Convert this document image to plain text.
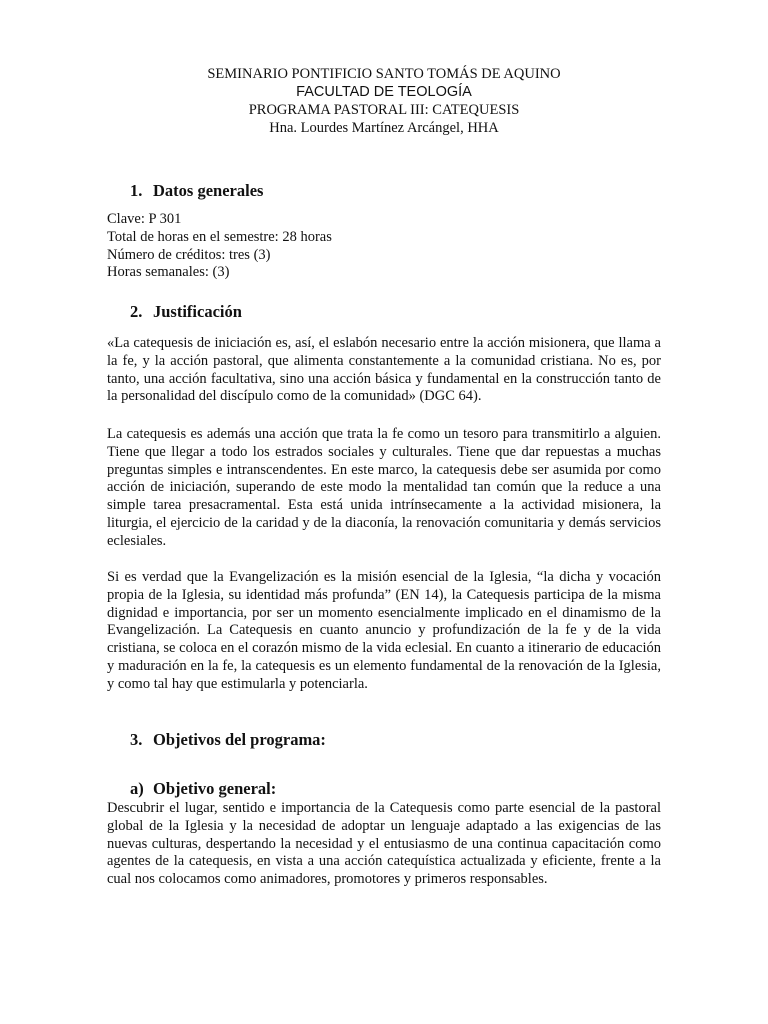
SEMINARIO PONTIFICIO SANTO TOMÁS DE AQUINO
FACULTAD DE TEOLOGÍA
PROGRAMA PASTORAL III: CATEQUESIS
Hna. Lourdes Martínez Arcángel, HHA
1. Datos generales
Clave: P 301
Total de horas en el semestre: 28 horas
Número de créditos: tres (3)
Horas semanales: (3)
2. Justificación

«La catequesis de iniciación es, así, el eslabón necesario entre la acción misionera, que llama a la fe, y la acción pastoral, que alimenta constantemente a la comunidad cristiana. No es, por tanto, una acción facultativa, sino una acción básica y fundamental en la construcción tanto de la personalidad del discípulo como de la comunidad» (DGC 64).

La catequesis es además una acción que trata la fe como un tesoro para transmitirlo a alguien. Tiene que llegar a todo los estrados sociales y culturales. Tiene que dar repuestas a muchas preguntas simples e intranscendentes. En este marco, la catequesis debe ser asumida por como acción de iniciación, superando de este modo la mentalidad tan común que la reduce a una simple tarea presacramental. Esta está unida intrínsecamente a la actividad misionera, la liturgia, el ejercicio de la caridad y de la diaconía, la renovación comunitaria y demás servicios eclesiales.

Si es verdad que la Evangelización es la misión esencial de la Iglesia, “la dicha y vocación propia de la Iglesia, su identidad más profunda” (EN 14), la Catequesis participa de la misma dignidad e importancia, por ser un momento esencialmente implicado en el dinamismo de la Evangelización. La Catequesis en cuanto anuncio y profundización de la fe y de la vida cristiana, se coloca en el corazón mismo de la vida eclesial. En cuanto a itinerario de educación y maduración en la fe, la catequesis es un elemento fundamental de la renovación de la Iglesia, y como tal hay que estimularla y potenciarla.

3. Objetivos del programa:
a) Objetivo general:

Descubrir el lugar, sentido e importancia de la Catequesis como parte esencial de la pastoral global de la Iglesia y la necesidad de adoptar un lenguaje adaptado a las exigencias de las nuevas culturas, despertando la necesidad y el entusiasmo de una continua capacitación como agentes de la catequesis, en vista a una acción catequística actualizada y eficiente, frente a la cual nos colocamos como animadores, promotores y primeros responsables.
